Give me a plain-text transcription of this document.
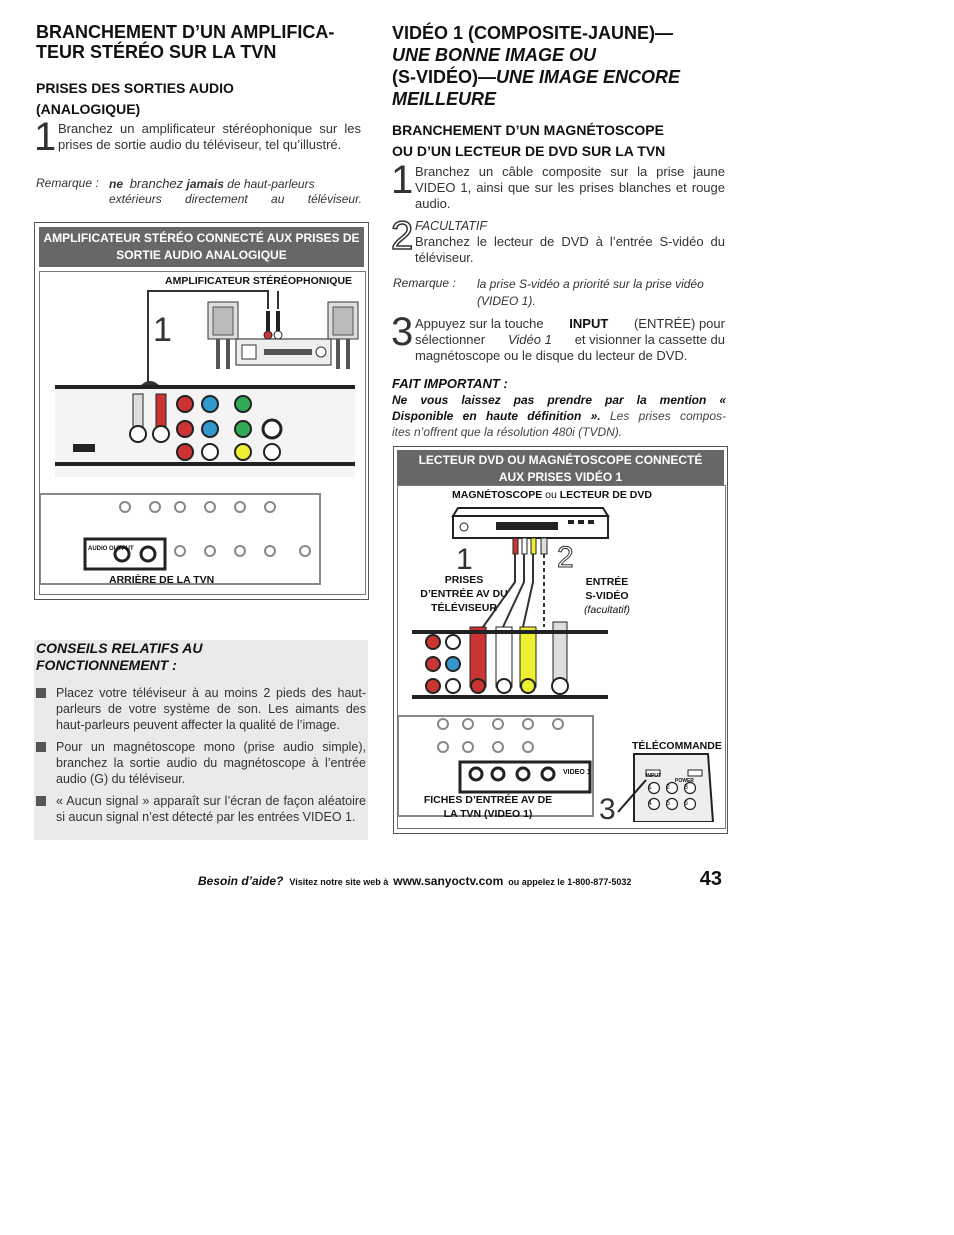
BRANCHEMENT D’UN AMPLIFICA-
TEUR STÉRÉO SUR LA TVN
PRISES DES SORTIES AUDIO
(ANALOGIQUE)
1 Branchez un amplificateur stéréophonique sur les prises de sortie audio du téléviseur, tel qu’illustré.
Remarque : ne branchez jamais de haut-parleurs
extérieurs directement au téléviseur.
AMPLIFICATEUR STÉRÉO CONNECTÉ AUX PRISES DE
SORTIE AUDIO ANALOGIQUE
AMPLIFICATEUR STÉRÉOPHONIQUE
1
AUDIO OUTPUT
ARRIÈRE DE LA TVN
CONSEILS RELATIFS AU
FONCTIONNEMENT :
Placez votre téléviseur à au moins 2 pieds des haut-parleurs de votre système de son. Les aimants des haut-parleurs peuvent affecter la qualité de l’image.
Pour un magnétoscope mono (prise audio simple), branchez la sortie audio du magnétoscope à l’entrée audio (G) du téléviseur.
« Aucun signal » apparaît sur l’écran de façon aléatoire si aucun signal n’est détecté par les entrées VIDEO 1.
VIDÉO 1 (COMPOSITE-JAUNE)—
UNE BONNE IMAGE OU
(S-VIDÉO)—UNE IMAGE ENCORE
MEILLEURE
BRANCHEMENT D’UN MAGNÉTOSCOPE
OU D’UN LECTEUR DE DVD SUR LA TVN
1 Branchez un câble composite sur la prise jaune VIDEO 1, ainsi que sur les prises blanches et rouge audio.
2 FACULTATIF
Branchez le lecteur de DVD à l’entrée S-vidéo du téléviseur.
Remarque :	la prise S-vidéo a priorité sur la prise vidéo
(VIDEO 1).
3 Appuyez sur la touche INPUT (ENTRÉE) pour
sélectionner Vidéo 1 et visionner la cassette du
magnétoscope ou le disque du lecteur de DVD.
FAIT IMPORTANT :
Ne vous laissez pas prendre par la mention «
Disponible en haute définition ». Les prises compos-
ites n’offrent que la résolution 480i (TVDN).
LECTEUR DVD OU MAGNÉTOSCOPE CONNECTÉ
AUX PRISES VIDÉO 1
MAGNÉTOSCOPE ou LECTEUR DE DVD
VIDEO 1
1	2
3
PRISES
D’ENTRÉE AV DU
TÉLÉVISEUR
ENTRÉE
S-VIDÉO
(facultatif)
TÉLÉCOMMANDE
INPUT
POWER
1 2 3
4 5 6
FICHES D’ENTRÉE AV DE
LA TVN (VIDEO 1)
Besoin d’aide? Visitez notre site web à www.sanyoctv.com ou appelez le 1-800-877-5032	43
